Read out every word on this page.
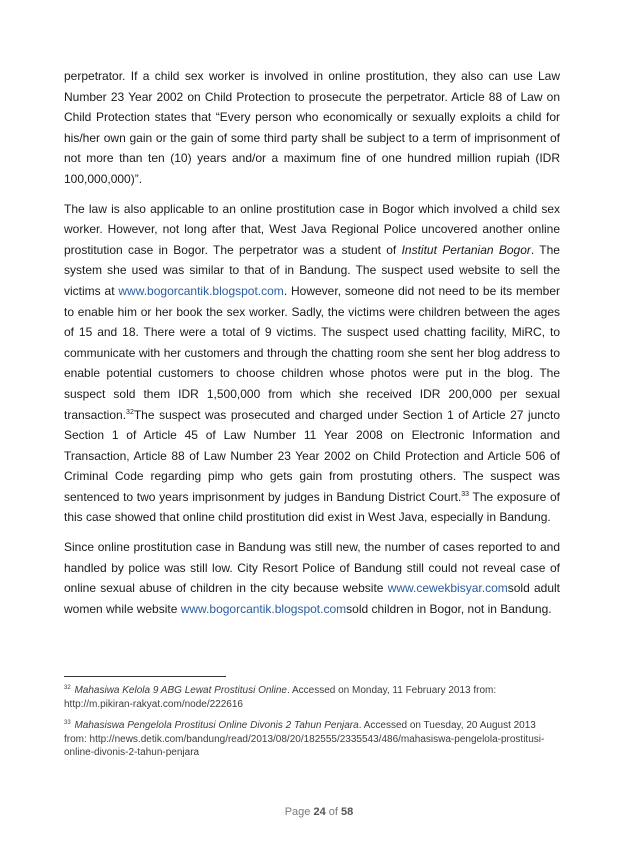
perpetrator. If a child sex worker is involved in online prostitution, they also can use Law Number 23 Year 2002 on Child Protection to prosecute the perpetrator. Article 88 of Law on Child Protection states that “Every person who economically or sexually exploits a child for his/her own gain or the gain of some third party shall be subject to a term of imprisonment of not more than ten (10) years and/or a maximum fine of one hundred million rupiah (IDR 100,000,000)”.

The law is also applicable to an online prostitution case in Bogor which involved a child sex worker. However, not long after that, West Java Regional Police uncovered another online prostitution case in Bogor. The perpetrator was a student of Institut Pertanian Bogor. The system she used was similar to that of in Bandung. The suspect used website to sell the victims at www.bogorcantik.blogspot.com. However, someone did not need to be its member to enable him or her book the sex worker. Sadly, the victims were children between the ages of 15 and 18. There were a total of 9 victims. The suspect used chatting facility, MiRC, to communicate with her customers and through the chatting room she sent her blog address to enable potential customers to choose children whose photos were put in the blog. The suspect sold them IDR 1,500,000 from which she received IDR 200,000 per sexual transaction.$^{32}$The suspect was prosecuted and charged under Section 1 of Article 27 juncto Section 1 of Article 45 of Law Number 11 Year 2008 on Electronic Information and Transaction, Article 88 of Law Number 23 Year 2002 on Child Protection and Article 506 of Criminal Code regarding pimp who gets gain from prostuting others. The suspect was sentenced to two years imprisonment by judges in Bandung District Court.$^{33}$ The exposure of this case showed that online child prostitution did exist in West Java, especially in Bandung.

Since online prostitution case in Bandung was still new, the number of cases reported to and handled by police was still low. City Resort Police of Bandung still could not reveal case of online sexual abuse of children in the city because website www.cewekbisyar.comsold adult women while website www.bogorcantik.blogspot.comsold children in Bogor, not in Bandung.

$^{32}$ Mahasiwa Kelola 9 ABG Lewat Prostitusi Online. Accessed on Monday, 11 February 2013 from: http://m.pikiran-rakyat.com/node/222616

$^{33}$ Mahasiswa Pengelola Prostitusi Online Divonis 2 Tahun Penjara. Accessed on Tuesday, 20 August 2013 from: http://news.detik.com/bandung/read/2013/08/20/182555/2335543/486/mahasiswa-pengelola-prostitusi-online-divonis-2-tahun-penjara

Page 24 of 58
